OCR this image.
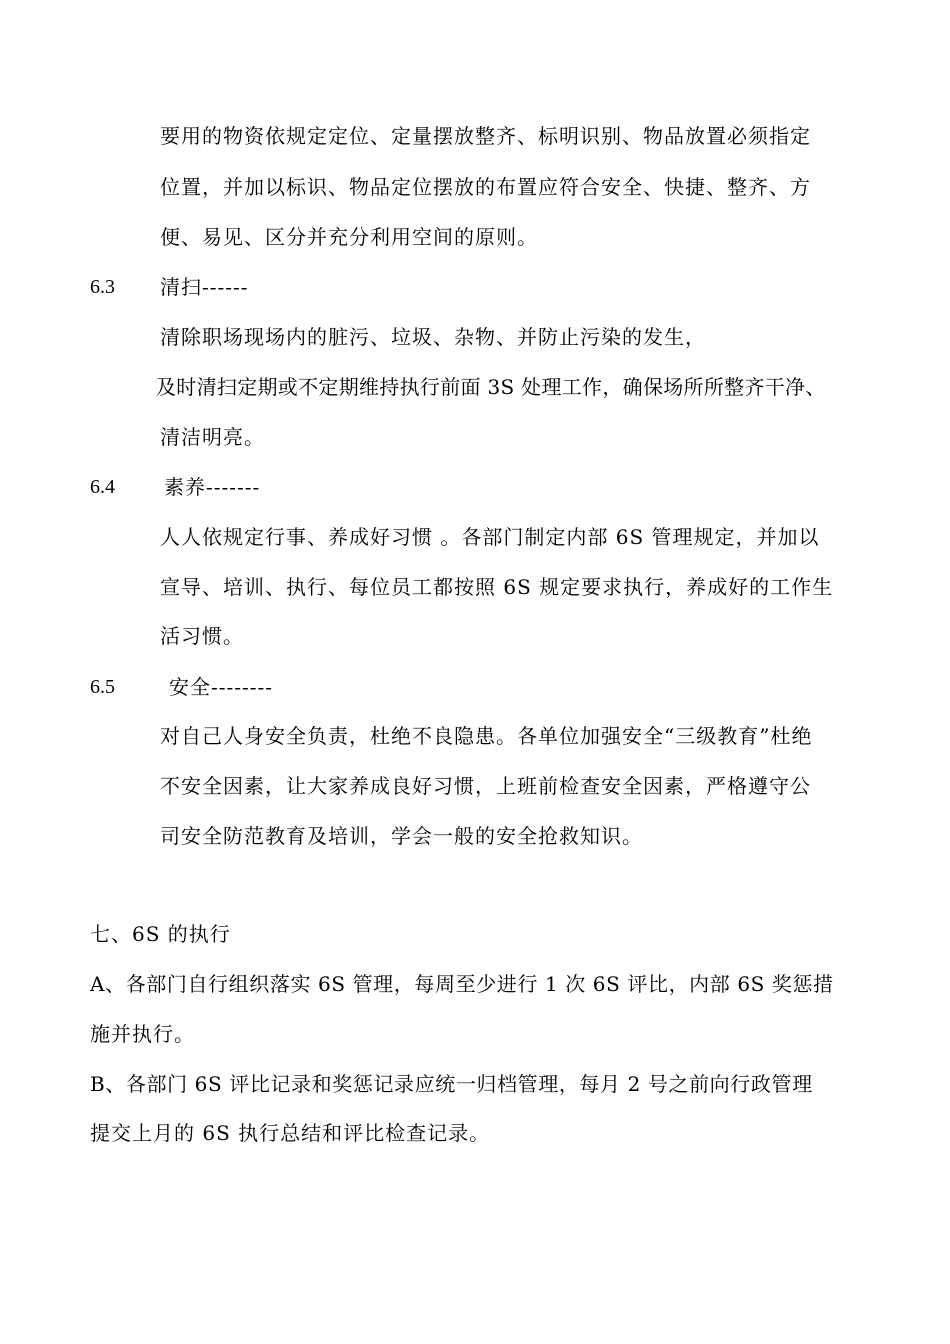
要用的物资依规定定位、定量摆放整齐、标明识别、物品放置必须指定
位置，并加以标识、物品定位摆放的布置应符合安全、快捷、整齐、方
便、易见、区分并充分利用空间的原则。
6.3 清扫------
清除职场现场内的脏污、垃圾、杂物、并防止污染的发生，
及时清扫定期或不定期维持执行前面 3S 处理工作，确保场所所整齐干净、
清洁明亮。
6.4 素养-------
人人依规定行事、养成好习惯 。各部门制定内部 6S 管理规定，并加以
宣导、培训、执行、每位员工都按照 6S 规定要求执行，养成好的工作生
活习惯。
6.5	安全--------
对自己人身安全负责，杜绝不良隐患。各单位加强安全“三级教育”杜绝
不安全因素，让大家养成良好习惯，上班前检查安全因素，严格遵守公
司安全防范教育及培训，学会一般的安全抢救知识。
七、6S 的执行
A、各部门自行组织落实 6S 管理，每周至少进行 1 次 6S 评比，内部 6S 奖惩措
施并执行。
B、各部门 6S 评比记录和奖惩记录应统一归档管理，每月 2 号之前向行政管理
提交上月的 6S 执行总结和评比检查记录。
